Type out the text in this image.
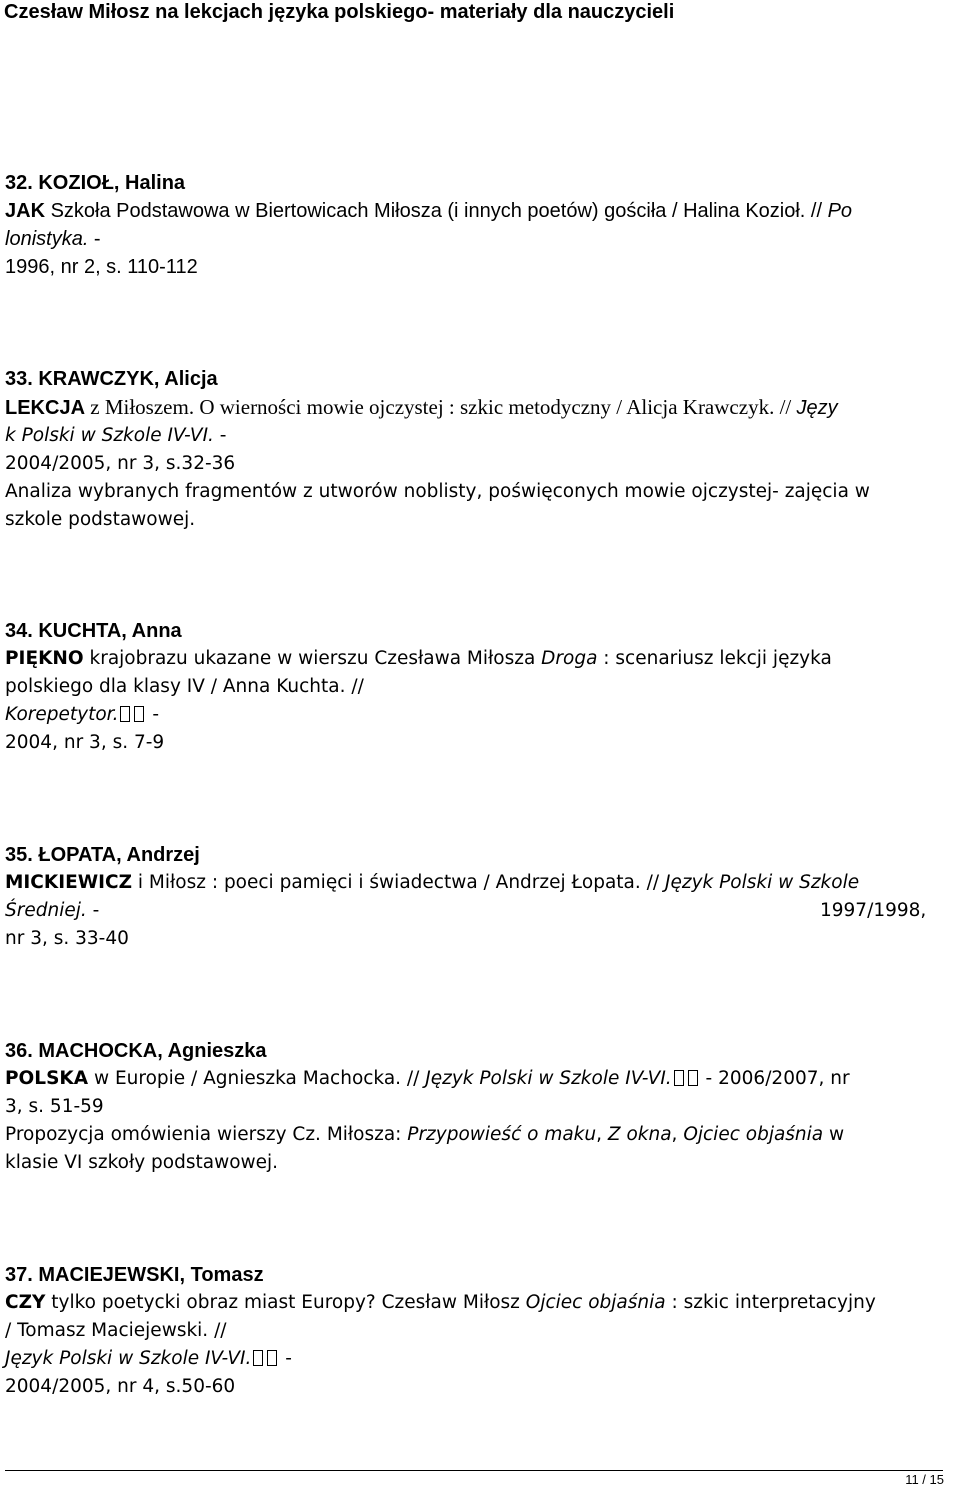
Czesław Miłosz na lekcjach języka polskiego- materiały dla nauczycieli
32. KOZIOŁ, Halina
JAK Szkoła Podstawowa w Biertowicach Miłosza (i innych poetów) gościła / Halina Kozioł. // Po
lonistyka. -
1996, nr 2, s. 110-112
33. KRAWCZYK, Alicja
LEKCJA z Miłoszem. O wierności mowie ojczystej : szkic metodyczny / Alicja Krawczyk. // Języ
k Polski w Szkole IV-VI. -
2004/2005, nr 3, s.32-36
Analiza wybranych fragmentów z utworów noblisty, poświęconych mowie ojczystej- zajęcia w
szkole podstawowej.
34. KUCHTA, Anna
PIĘKNO krajobrazu ukazane w wierszu Czesława Miłosza Droga : scenariusz lekcji języka
polskiego dla klasy IV / Anna Kuchta. //
Korepetytor. -
2004, nr 3, s. 7-9
35. ŁOPATA, Andrzej
MICKIEWICZ i Miłosz : poeci pamięci i świadectwa / Andrzej Łopata. // Język Polski w Szkole
Średniej. -	1997/1998,
nr 3, s. 33-40
36. MACHOCKA, Agnieszka
POLSKA w Europie / Agnieszka Machocka. // Język Polski w Szkole IV-VI. - 2006/2007, nr
3, s. 51-59
Propozycja omówienia wierszy Cz. Miłosza: Przypowieść o maku, Z okna, Ojciec objaśnia w
klasie VI szkoły podstawowej.
37. MACIEJEWSKI, Tomasz
CZY tylko poetycki obraz miast Europy? Czesław Miłosz Ojciec objaśnia : szkic interpretacyjny
/ Tomasz Maciejewski. //
Język Polski w Szkole IV-VI. -
2004/2005, nr 4, s.50-60
11 / 15
